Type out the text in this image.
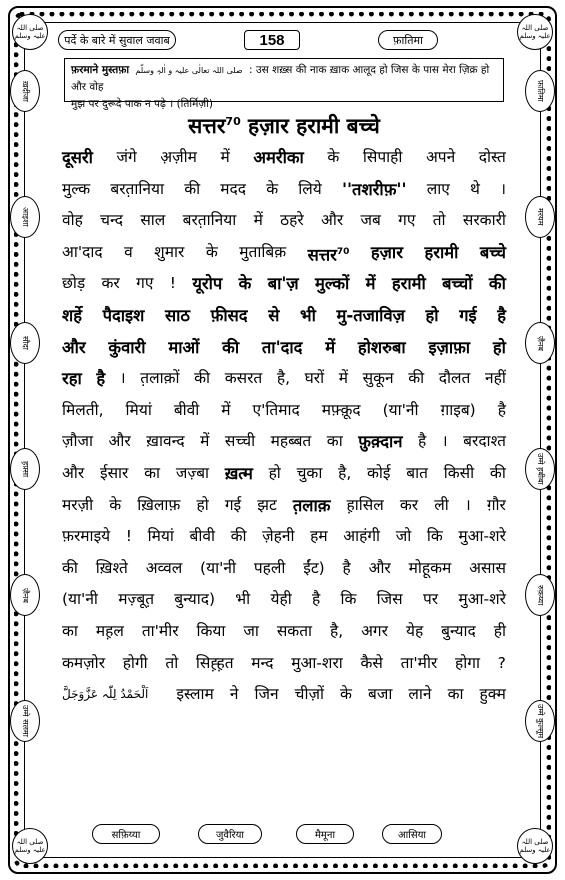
صلی اللہ علیہ وسلم
صلی اللہ علیہ وسلم
صلی اللہ علیہ وسلم
صلی اللہ علیہ وسلم
पर्दे के बारे में सुवाल जवाब	158	फ़ातिमा
ख़दीजा
आइशा
सौदा
ह़फ़्सा
ज़ैनब
उम्मे सलमा
फ़ातिमा
मरयम
ज़ैनब
उम्मे ह़बीबा
रुक़य्या
उम्मे कुल्सूम
फ़रमाने मुस्तफ़ा صلی اللہ تعالٰی علیہ و اٰلہٖ وسلّم : उस शख़्स की नाक ख़ाक आलूद हो जिस के पास मेरा ज़िक्र हो और वोह
मुझ पर दुरूदे पाक न पढ़े । (तिर्मिज़ी)
सत्तर$^{70}$ हज़ार हरामी बच्चे
दूसरी जंगे अ़ज़ीम में अमरीका के सिपाही अपने दोस्त
मुल्क बरत़ानिया की मदद के लिये ''तशरीफ़'' लाए थे ।
वोह चन्द साल बरत़ानिया में ठहरे और जब गए तो सरकारी
आ'दाद व शुमार के मुताबिक़ सत्तर$^{70}$ हज़ार हरामी बच्चे
छोड़ कर गए ! यूरोप के बा'ज़ मुल्कों में हरामी बच्चों की
शर्हे पैदाइश साठ फ़ीसद से भी मु-तजाविज़ हो गई है
और कुंवारी माओं की ता'दाद में होशरुबा इज़ाफ़ा हो
रहा है । त़लाक़ों की कसरत है, घरों में सुकून की दौलत नहीं
मिलती, मियां बीवी में ए'तिमाद मफ़्क़ूद (या'नी ग़ाइब) है
ज़ौजा और ख़ावन्द में सच्ची महब्बत का फ़ुक़्दान है । बरदाश्त
और ईसार का जज़्बा ख़त्म हो चुका है, कोई बात किसी की
मरज़ी के ख़िलाफ़ हो गई झट त़लाक़ ह़ासिल कर ली । ग़ौर
फ़रमाइये ! मियां बीवी की ज़ेहनी हम आहंगी जो कि मुआ-शरे
की ख़िश्ते अव्वल (या'नी पहली ईंट) है और मोहूकम असास
(या'नी मज़्बूत़ बुन्याद) भी येही है कि जिस पर मुआ-शरे
का मह़ल ता'मीर किया जा सकता है, अगर येह बुन्याद ही
कमज़ोर होगी तो सिह़्ह़त मन्द मुआ-शरा कैसे ता'मीर होगा ?
اَلْحَمْدُ لِلّٰہ عَزَّوَجَلَّ इस्लाम ने जिन चीज़ों के बजा लाने का हुक्म
सफ़िय्या	जुवैरिया	मैमूना	आसिया
